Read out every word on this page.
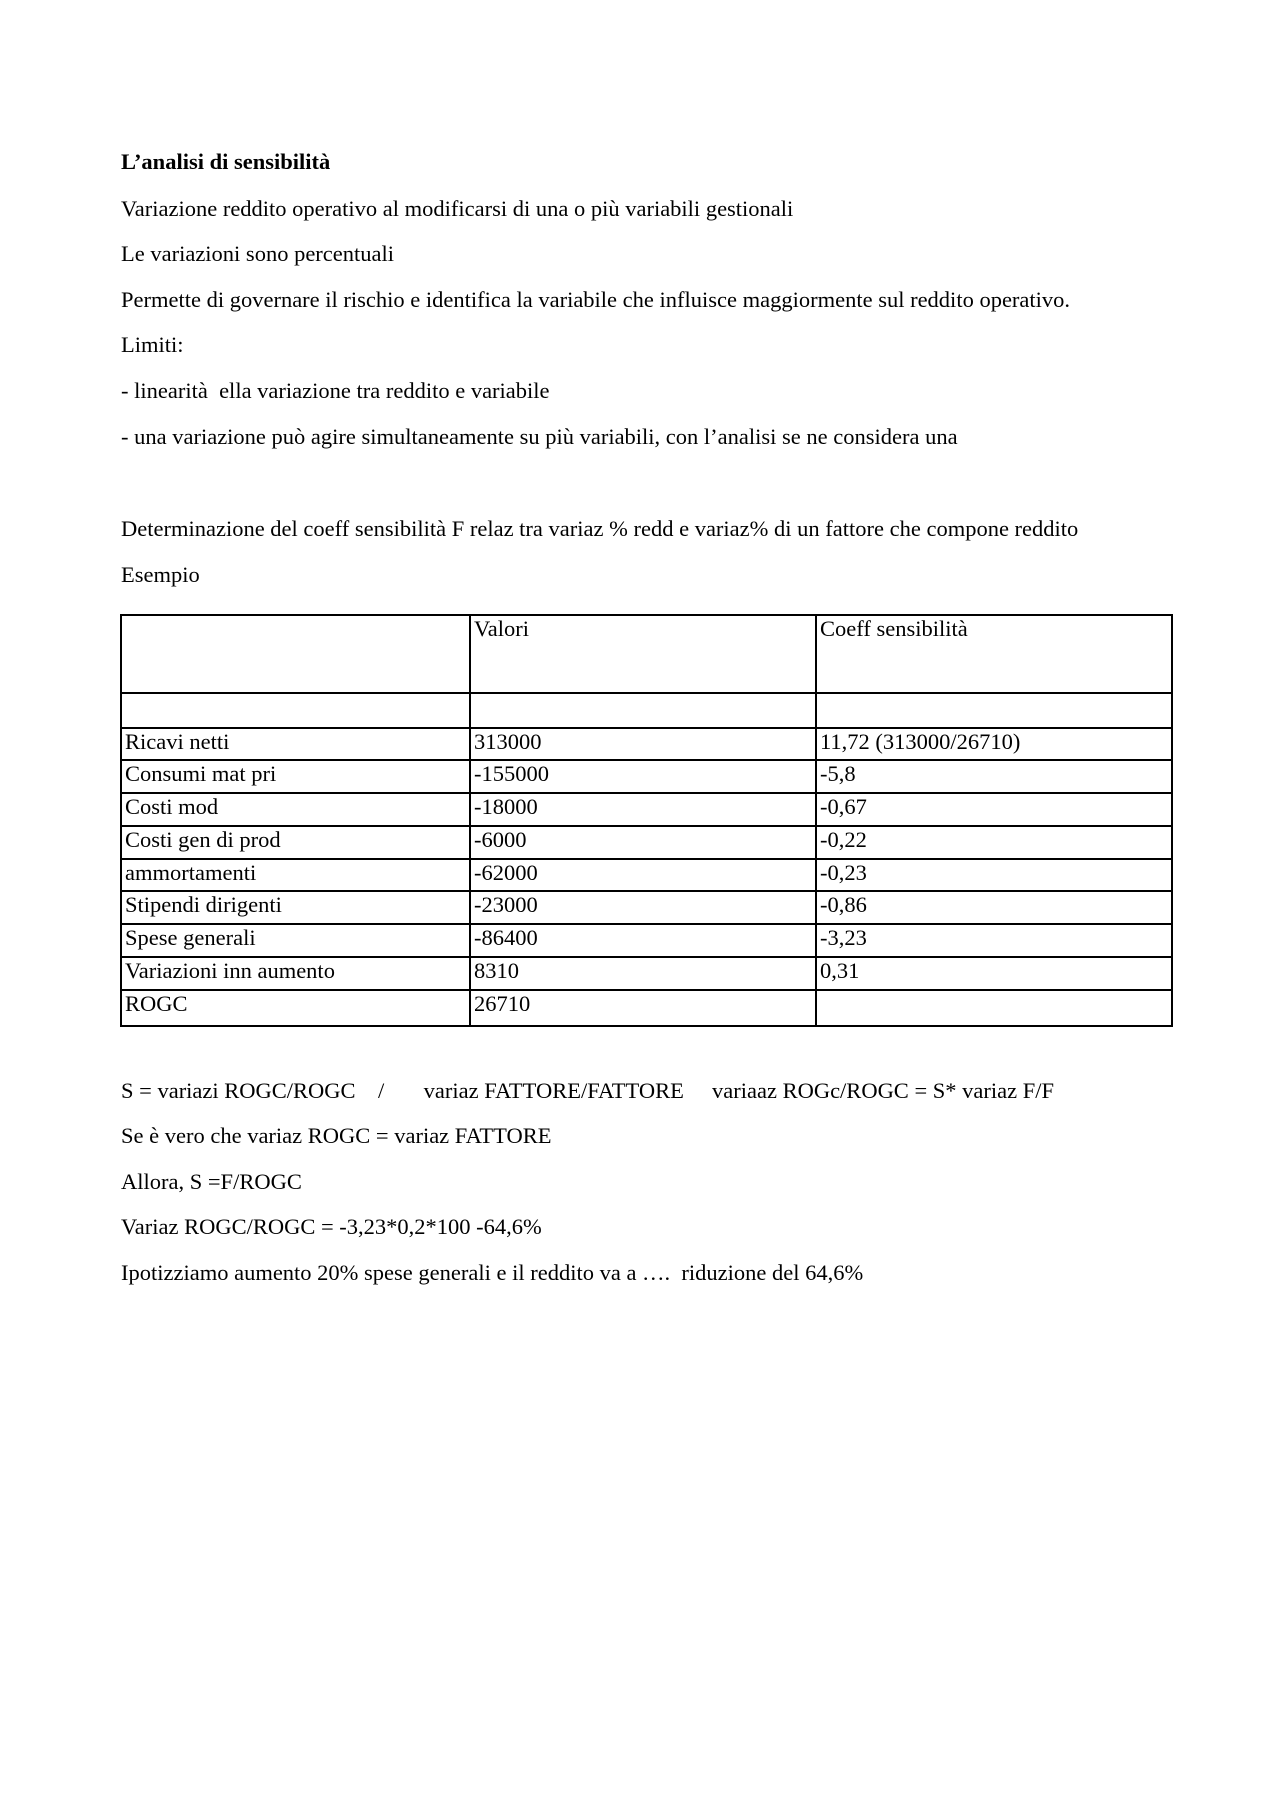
L’analisi di sensibilità

Variazione reddito operativo al modificarsi di una o più variabili gestionali

Le variazioni sono percentuali

Permette di governare il rischio e identifica la variabile che influisce maggiormente sul reddito operativo.

Limiti:

- linearità  ella variazione tra reddito e variabile

- una variazione può agire simultaneamente su più variabili, con l’analisi se ne considera una

Determinazione del coeff sensibilità F relaz tra variaz % redd e variaz% di un fattore che compone reddito

Esempio

	Valori	Coeff sensibilità

Ricavi netti	313000	11,72 (313000/26710)
Consumi mat pri	-155000	-5,8
Costi mod	-18000	-0,67
Costi gen di prod	-6000	-0,22
ammortamenti	-62000	-0,23
Stipendi dirigenti	-23000	-0,86
Spese generali	-86400	-3,23
Variazioni inn aumento	8310	0,31
ROGC	26710	

S = variazi ROGC/ROGC    /       variaz FATTORE/FATTORE     variaaz ROGc/ROGC = S* variaz F/F

Se è vero che variaz ROGC = variaz FATTORE

Allora, S =F/ROGC

Variaz ROGC/ROGC = -3,23*0,2*100 -64,6%

Ipotizziamo aumento 20% spese generali e il reddito va a ….  riduzione del 64,6%
